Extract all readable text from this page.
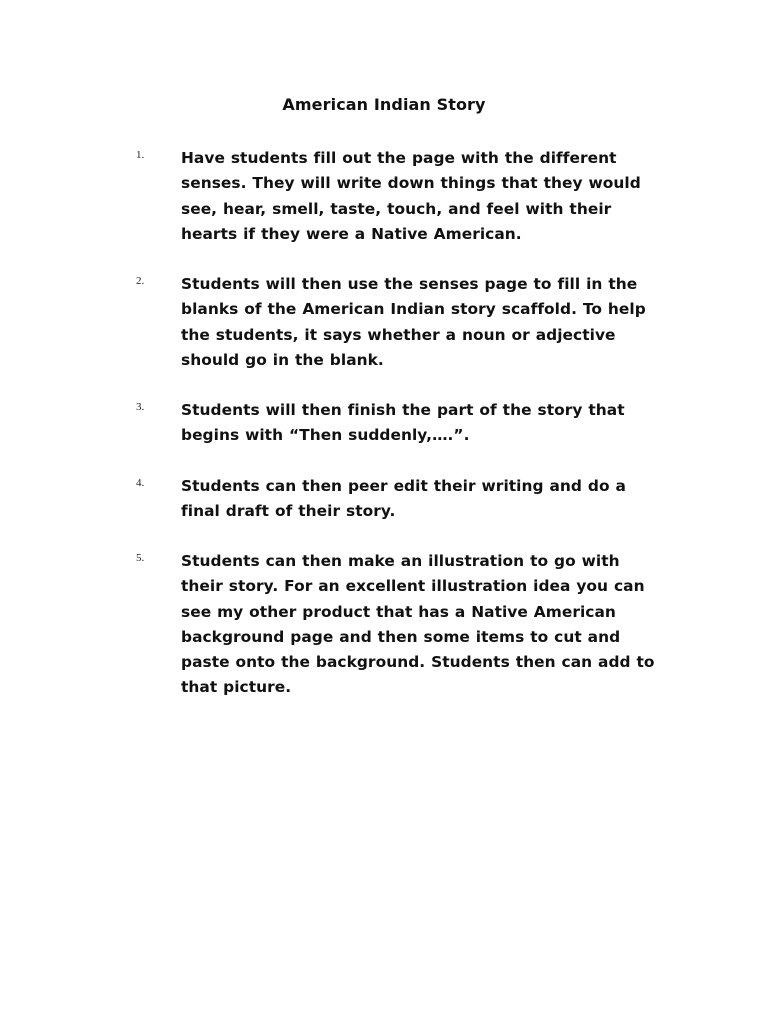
American Indian Story
1. Have students fill out the page with the different senses. They will write down things that they would see, hear, smell, taste, touch, and feel with their hearts if they were a Native American.
2. Students will then use the senses page to fill in the blanks of the American Indian story scaffold. To help the students, it says whether a noun or adjective should go in the blank.
3. Students will then finish the part of the story that begins with “Then suddenly,….”.
4. Students can then peer edit their writing and do a final draft of their story.
5. Students can then make an illustration to go with their story. For an excellent illustration idea you can see my other product that has a Native American background page and then some items to cut and paste onto the background. Students then can add to that picture.
